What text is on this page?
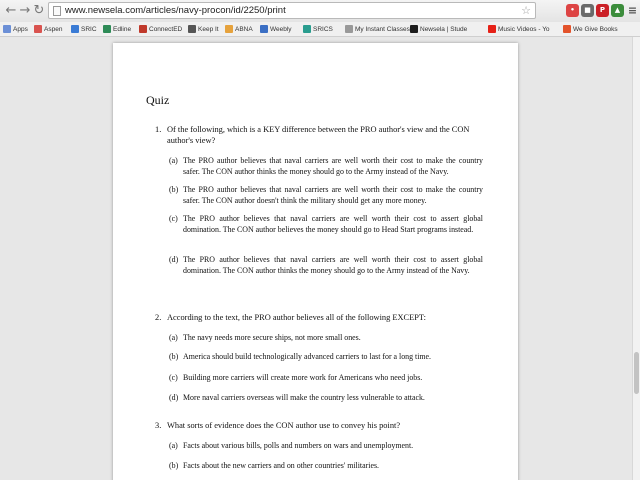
← → ↻ www.newsela.com/articles/navy-procon/id/2250/print	☆	•	■	P	▲ ≡
Apps Aspen	SRIC	Edline	ConnectED Keep It	ABNA	Weebly	SRICS	My Instant Classes Newsela | Stude	Music Videos - Yo	We Give Books
Quiz
1. Of the following, which is a KEY difference between the PRO author's view and the CON author's view?
(a) The PRO author believes that naval carriers are well worth their cost to make the country safer. The CON author thinks the money should go to the Army instead of the Navy.
(b) The PRO author believes that naval carriers are well worth their cost to make the country safer. The CON author doesn't think the military should get any more money.
(c) The PRO author believes that naval carriers are well worth their cost to assert global domination. The CON author believes the money should go to Head Start programs instead.
(d) The PRO author believes that naval carriers are well worth their cost to assert global domination. The CON author thinks the money should go to the Army instead of the Navy.
2. According to the text, the PRO author believes all of the following EXCEPT:
(a) The navy needs more secure ships, not more small ones.
(b) America should build technologically advanced carriers to last for a long time.
(c) Building more carriers will create more work for Americans who need jobs.
(d) More naval carriers overseas will make the country less vulnerable to attack.
3. What sorts of evidence does the CON author use to convey his point?
(a) Facts about various bills, polls and numbers on wars and unemployment.
(b) Facts about the new carriers and on other countries' militaries.
